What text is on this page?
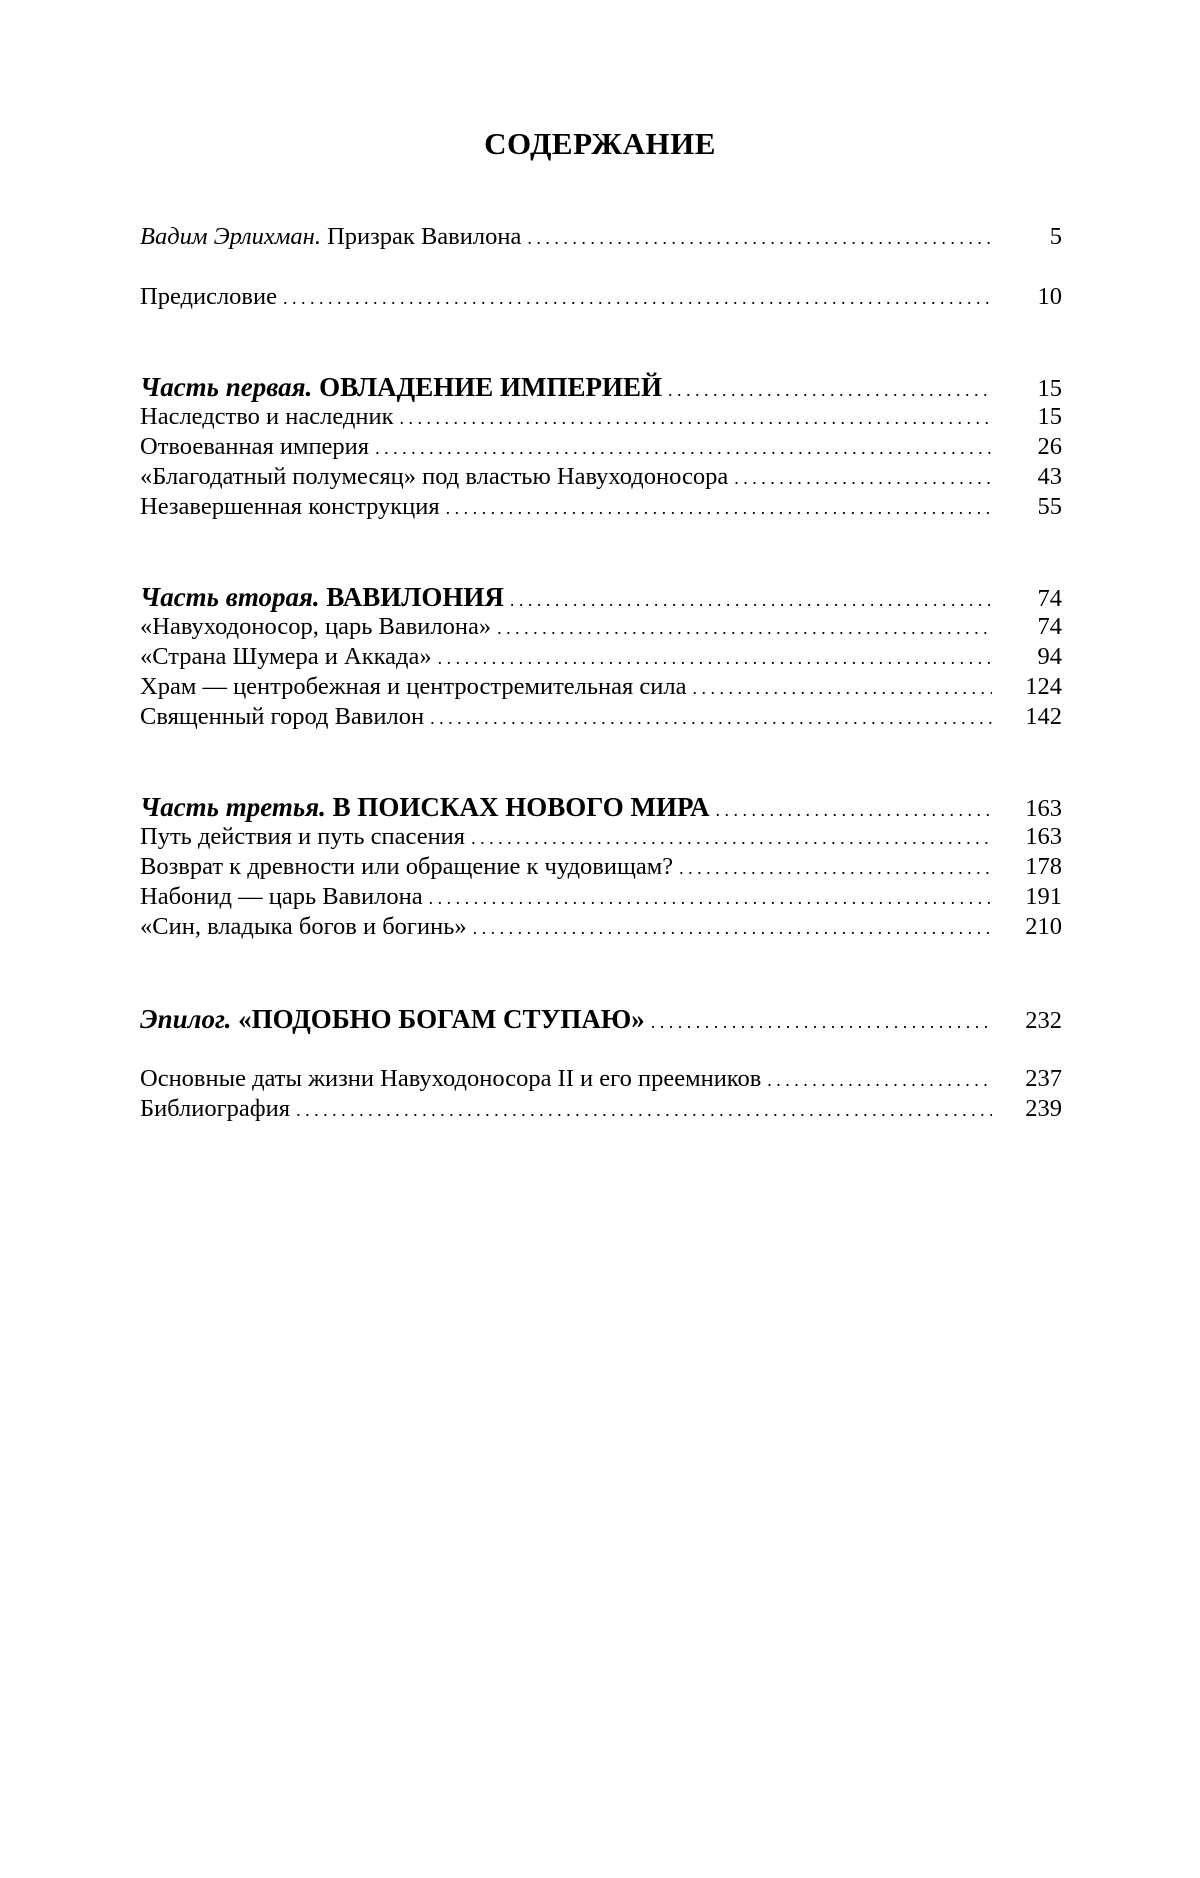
СОДЕРЖАНИЕ
Вадим Эрлихман. Призрак Вавилона . . .	5
Предисловие . . .	10
Часть первая. ОВЛАДЕНИЕ ИМПЕРИЕЙ . . .	15
Наследство и наследник . . .	15
Отвоеванная империя . . .	26
«Благодатный полумесяц» под властью Навуходоносора . . .	43
Незавершенная конструкция . . .	55
Часть вторая. ВАВИЛОНИЯ . . .	74
«Навуходоносор, царь Вавилона» . . .	74
«Страна Шумера и Аккада» . . .	94
Храм — центробежная и центростремительная сила . . .	124
Священный город Вавилон . . .	142
Часть третья. В ПОИСКАХ НОВОГО МИРА . . .	163
Путь действия и путь спасения . . .	163
Возврат к древности или обращение к чудовищам? . . .	178
Набонид — царь Вавилона . . .	191
«Син, владыка богов и богинь» . . .	210
Эпилог. «ПОДОБНО БОГАМ СТУПАЮ» . . .	232
Основные даты жизни Навуходоносора II и его преемников . . .	237
Библиография . . .	239
